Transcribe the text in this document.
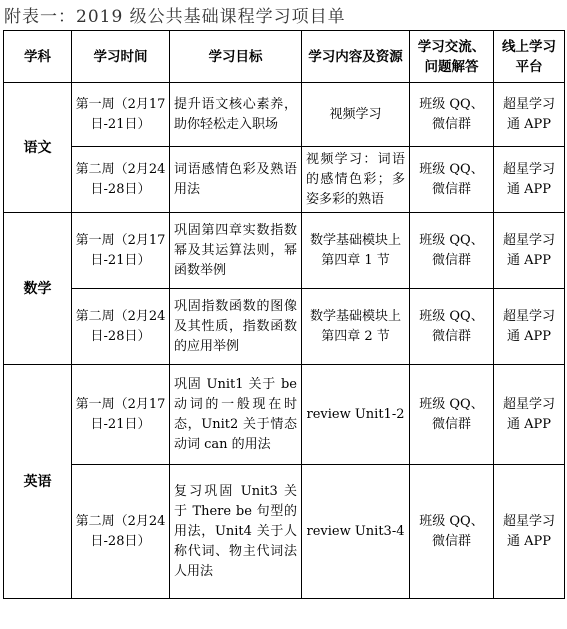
附表一：2019 级公共基础课程学习项目单
学科	学习时间	学习目标	学习内容及资源	学习交流、问题解答	线上学习平台
语文	第一周（2月17日-21日）	提升语文核心素养，助你轻松走入职场	视频学习	班级 QQ、微信群	超星学习通 APP
	第二周（2月24日-28日）	词语感情色彩及熟语用法	视频学习：词语的感情色彩；多姿多彩的熟语	班级 QQ、微信群	超星学习通 APP
数学	第一周（2月17日-21日）	巩固第四章实数指数幂及其运算法则，幂函数举例	数学基础模块上第四章 1 节	班级 QQ、微信群	超星学习通 APP
	第二周（2月24日-28日）	巩固指数函数的图像及其性质，指数函数的应用举例	数学基础模块上第四章 2 节	班级 QQ、微信群	超星学习通 APP
英语	第一周（2月17日-21日）	巩固 Unit1 关于 be 动词的一般现在时态，Unit2 关于情态动词 can 的用法	review Unit1-2	班级 QQ、微信群	超星学习通 APP
	第二周（2月24日-28日）	复习巩固 Unit3 关于 There be 句型的用法，Unit4 关于人称代词、物主代词法人用法	review Unit3-4	班级 QQ、微信群	超星学习通 APP
